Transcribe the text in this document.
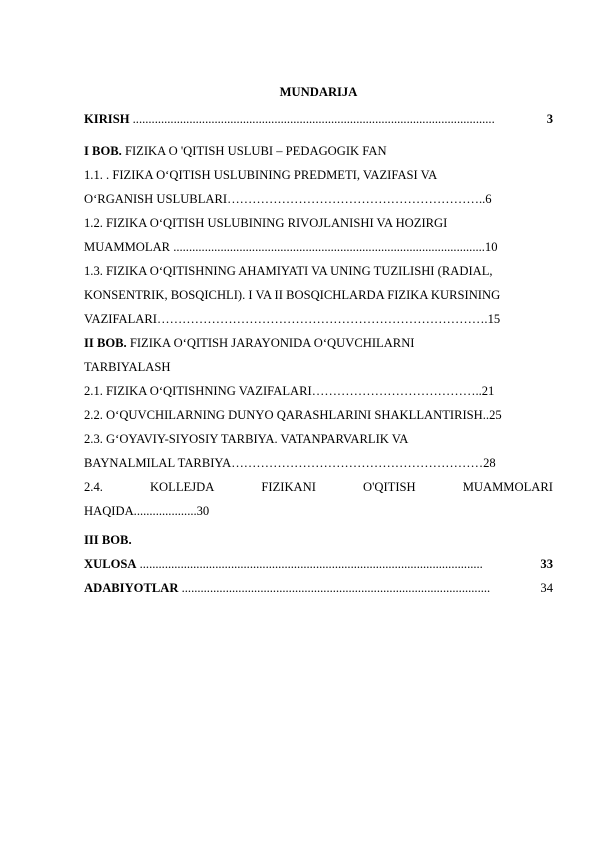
MUNDARIJA
KIRISH ...................................................................................................................	3
I BOB. FIZIKA O 'QITISH USLUBI – PEDAGOGIK FAN
1.1. . FIZIKA O‘QITISH USLUBINING PREDMETI, VAZIFASI VA
O‘RGANISH USLUBLARI……………………………………………………..6
1.2. FIZIKA O‘QITISH USLUBINING RIVOJLANISHI VA HOZIRGI
MUAMMOLAR ...................................................................................................10
1.3. FIZIKA O‘QITISHNING AHAMIYATI VA UNING TUZILISHI (RADIAL,
KONSENTRIK, BOSQICHLI). I VA II BOSQICHLARDA FIZIKA KURSINING
VAZIFALARI…………………………………………………………………….15
II BOB. FIZIKA O‘QITISH JARAYONIDA O‘QUVCHILARNI
TARBIYALASH
2.1. FIZIKA O‘QITISHNING VAZIFALARI…………………………………..21
2.2. O‘QUVCHILARNING DUNYO QARASHLARINI SHAKLLANTIRISH..25
2.3. G‘OYAVIY-SIYOSIY TARBIYA. VATANPARVARLIK VA
BAYNALMILAL TARBIYA……………………………………………………28
2.4.	KOLLEJDA	FIZIKANI	O'QITISH	MUAMMOLARI
HAQIDA....................30
III BOB.
XULOSA .............................................................................................................	33
ADABIYOTLAR ..................................................................................................	34
